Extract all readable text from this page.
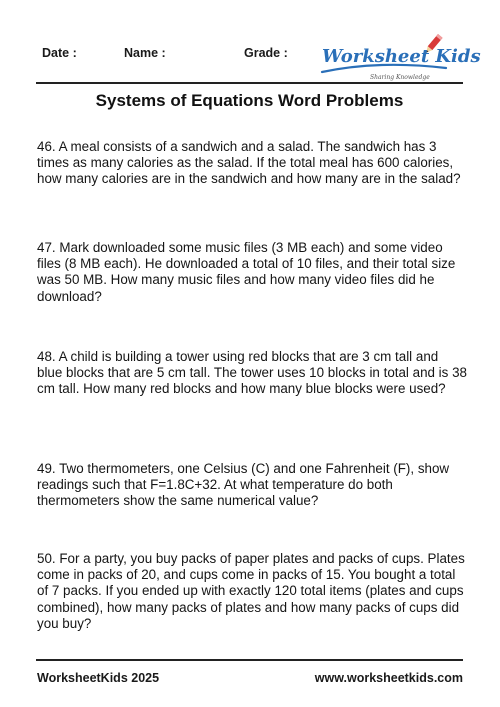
Date :	Name :	Grade : Worksheet Kids
Sharing Knowledge
Systems of Equations Word Problems

46. A meal consists of a sandwich and a salad. The sandwich has 3 times as many calories as the salad. If the total meal has 600 calories, how many calories are in the sandwich and how many are in the salad?

47. Mark downloaded some music files (3 MB each) and some video files (8 MB each). He downloaded a total of 10 files, and their total size was 50 MB. How many music files and how many video files did he download?

48. A child is building a tower using red blocks that are 3 cm tall and blue blocks that are 5 cm tall. The tower uses 10 blocks in total and is 38 cm tall. How many red blocks and how many blue blocks were used?

49. Two thermometers, one Celsius (C) and one Fahrenheit (F), show readings such that F=1.8C+32. At what temperature do both thermometers show the same numerical value?

50. For a party, you buy packs of paper plates and packs of cups. Plates come in packs of 20, and cups come in packs of 15. You bought a total of 7 packs. If you ended up with exactly 120 total items (plates and cups combined), how many packs of plates and how many packs of cups did you buy?

WorksheetKids 2025	www.worksheetkids.com
